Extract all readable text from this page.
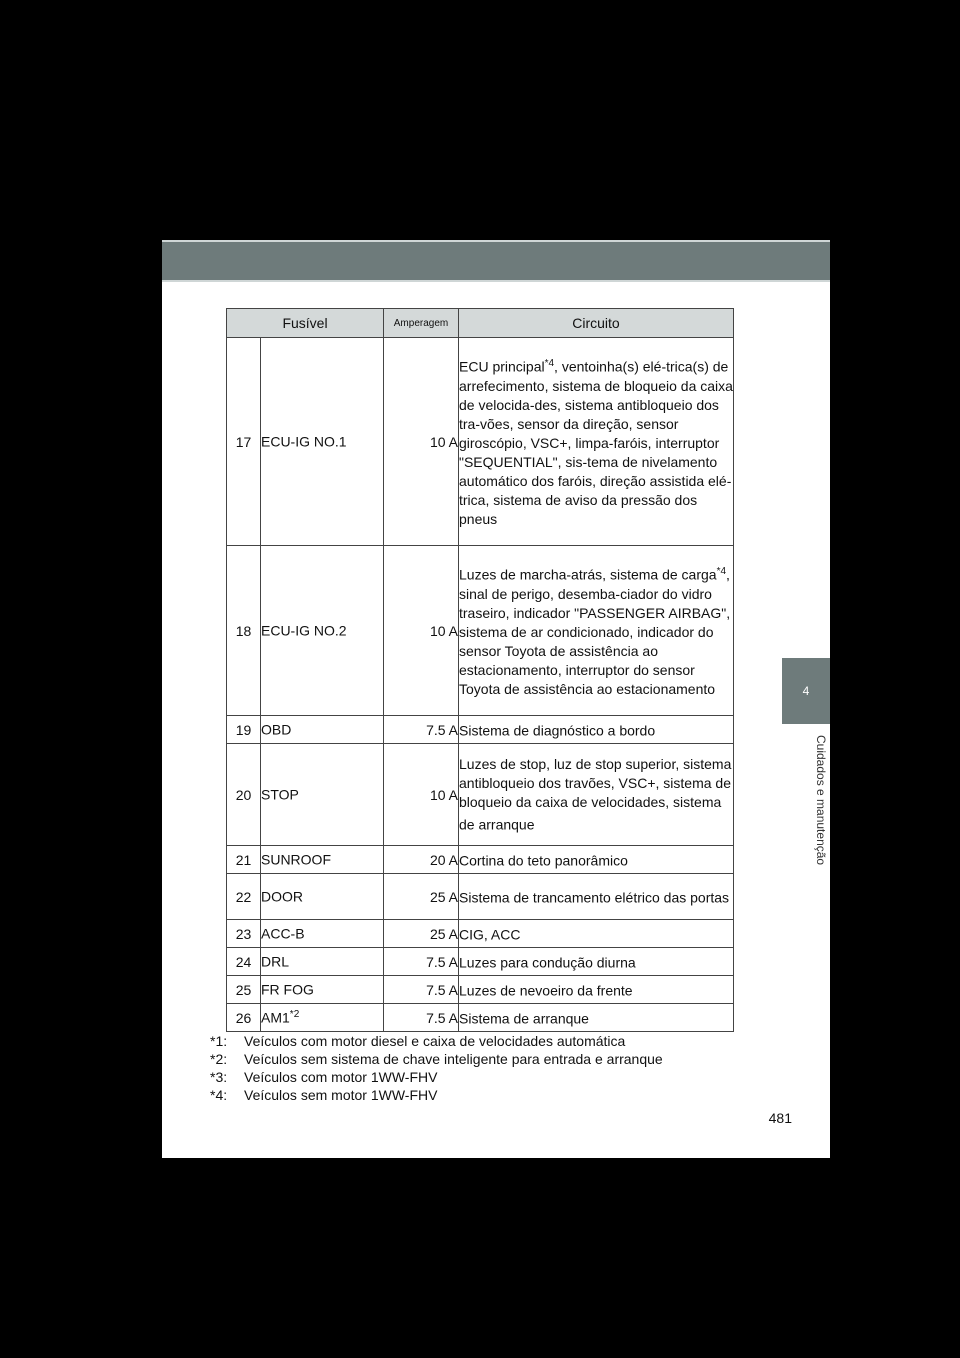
Fusível		Amperagem	Circuito
17	ECU-IG NO.1	10 A	ECU principal$^{*4}$, ventoinha(s) elé-trica(s) de arrefecimento, sistema de bloqueio da caixa de velocida-des, sistema antibloqueio dos tra-vões, sensor da direção, sensor giroscópio, VSC+, limpa-faróis, interruptor "SEQUENTIAL", sis-tema de nivelamento automático dos faróis, direção assistida elé-trica, sistema de aviso da pressão dos pneus
18	ECU-IG NO.2	10 A	Luzes de marcha-atrás, sistema de carga$^{*4}$, sinal de perigo, desemba-ciador do vidro traseiro, indicador "PASSENGER AIRBAG", sistema de ar condicionado, indicador do sensor Toyota de assistência ao estacionamento, interruptor do sensor Toyota de assistência ao estacionamento
19	OBD	7.5 A	Sistema de diagnóstico a bordo
20	STOP	10 A	Luzes de stop, luz de stop superior, sistema antibloqueio dos travões, VSC+, sistema de bloqueio da caixa de velocidades, sistema de arranque
21	SUNROOF	20 A	Cortina do teto panorâmico
22	DOOR	25 A	Sistema de trancamento elétrico das portas
23	ACC-B	25 A	CIG, ACC
24	DRL	7.5 A	Luzes para condução diurna
25	FR FOG	7.5 A	Luzes de nevoeiro da frente
26	AM1$^{*2}$	7.5 A	Sistema de arranque
*1:	Veículos com motor diesel e caixa de velocidades automática
*2:	Veículos sem sistema de chave inteligente para entrada e arranque
*3:	Veículos com motor 1WW-FHV
*4:	Veículos sem motor 1WW-FHV
4
Cuidados e manutenção
481
